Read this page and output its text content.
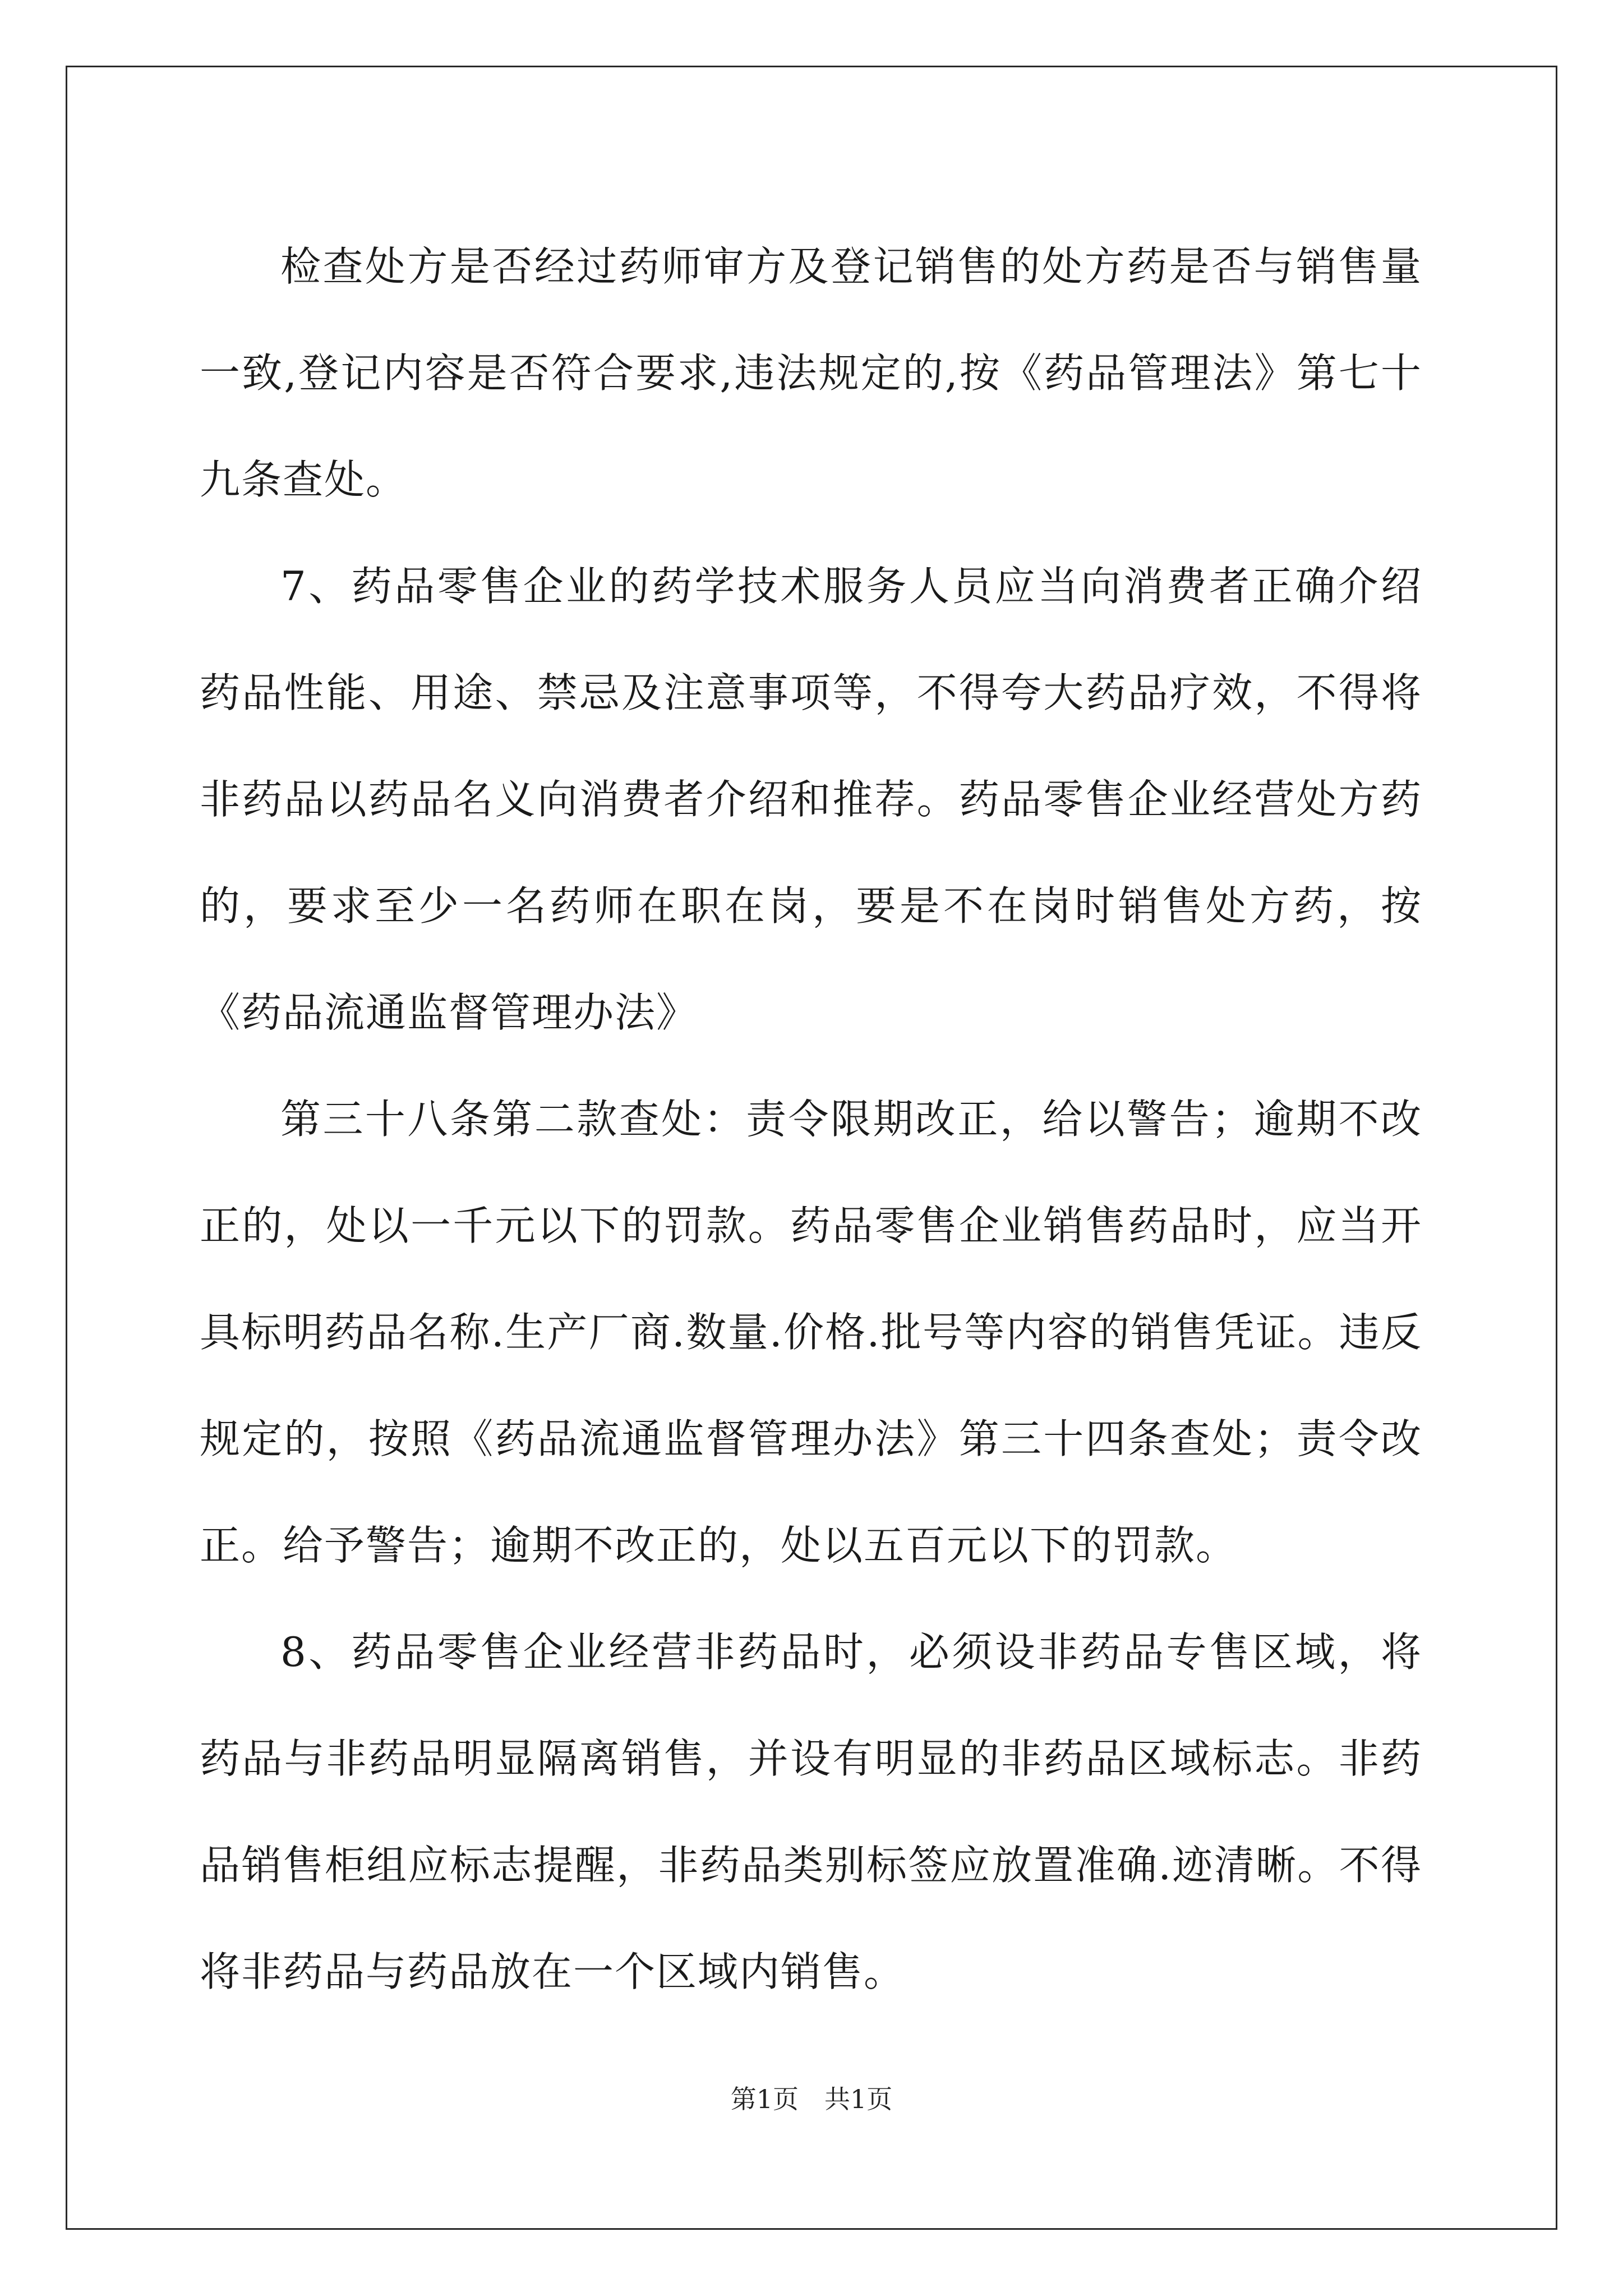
检查处方是否经过药师审方及登记销售的处方药是否与销售量一致,登记内容是否符合要求,违法规定的,按《药品管理法》第七十九条查处。

7、药品零售企业的药学技术服务人员应当向消费者正确介绍药品性能、用途、禁忌及注意事项等，不得夸大药品疗效，不得将非药品以药品名义向消费者介绍和推荐。药品零售企业经营处方药的，要求至少一名药师在职在岗，要是不在岗时销售处方药，按《药品流通监督管理办法》

第三十八条第二款查处：责令限期改正，给以警告；逾期不改正的，处以一千元以下的罚款。药品零售企业销售药品时，应当开具标明药品名称.生产厂商.数量.价格.批号等内容的销售凭证。违反规定的，按照《药品流通监督管理办法》第三十四条查处；责令改正。给予警告；逾期不改正的，处以五百元以下的罚款。

8、药品零售企业经营非药品时，必须设非药品专售区域，将药品与非药品明显隔离销售，并设有明显的非药品区域标志。非药品销售柜组应标志提醒，非药品类别标签应放置准确.迹清晰。不得将非药品与药品放在一个区域内销售。

第1页　共1页
